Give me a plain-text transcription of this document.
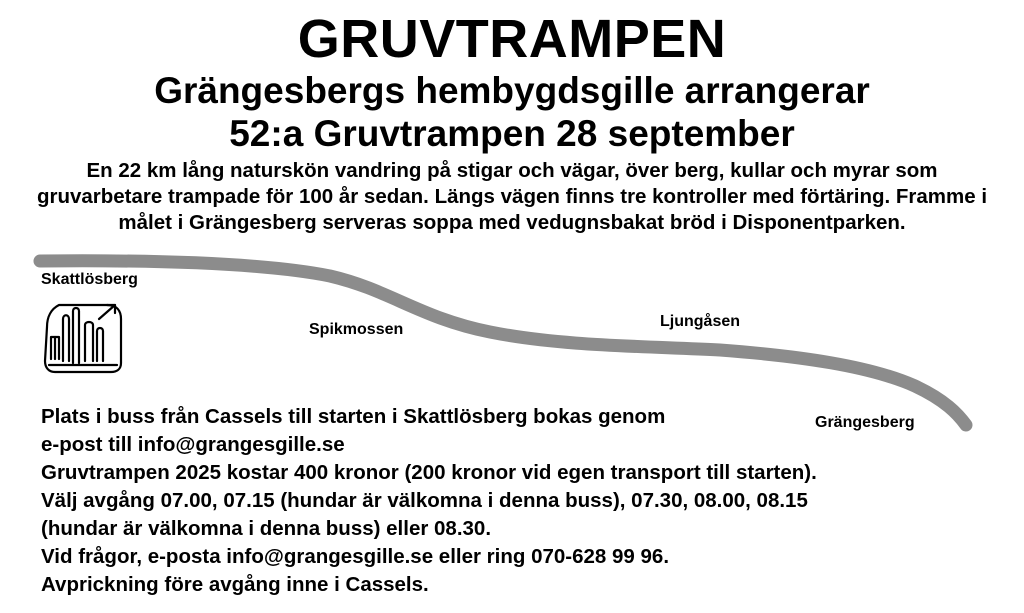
GRUVTRAMPEN
Grängesbergs hembygdsgille arrangerar
52:a Gruvtrampen 28 september

En 22 km lång naturskön vandring på stigar och vägar, över berg, kullar och myrar som gruvarbetare trampade för 100 år sedan. Längs vägen finns tre kontroller med förtäring. Framme i målet i Grängesberg serveras soppa med vedugnsbakat bröd i Disponentparken.

Skattlösberg
Spikmossen	Ljungåsen
Grängesberg
Plats i buss från Cassels till starten i Skattlösberg bokas genom
e-post till info@grangesgille.se
Gruvtrampen 2025 kostar 400 kronor (200 kronor vid egen transport till starten).
Välj avgång 07.00, 07.15 (hundar är välkomna i denna buss), 07.30, 08.00, 08.15
(hundar är välkomna i denna buss) eller 08.30.
Vid frågor, e-posta info@grangesgille.se eller ring 070-628 99 96.
Avprickning före avgång inne i Cassels.
